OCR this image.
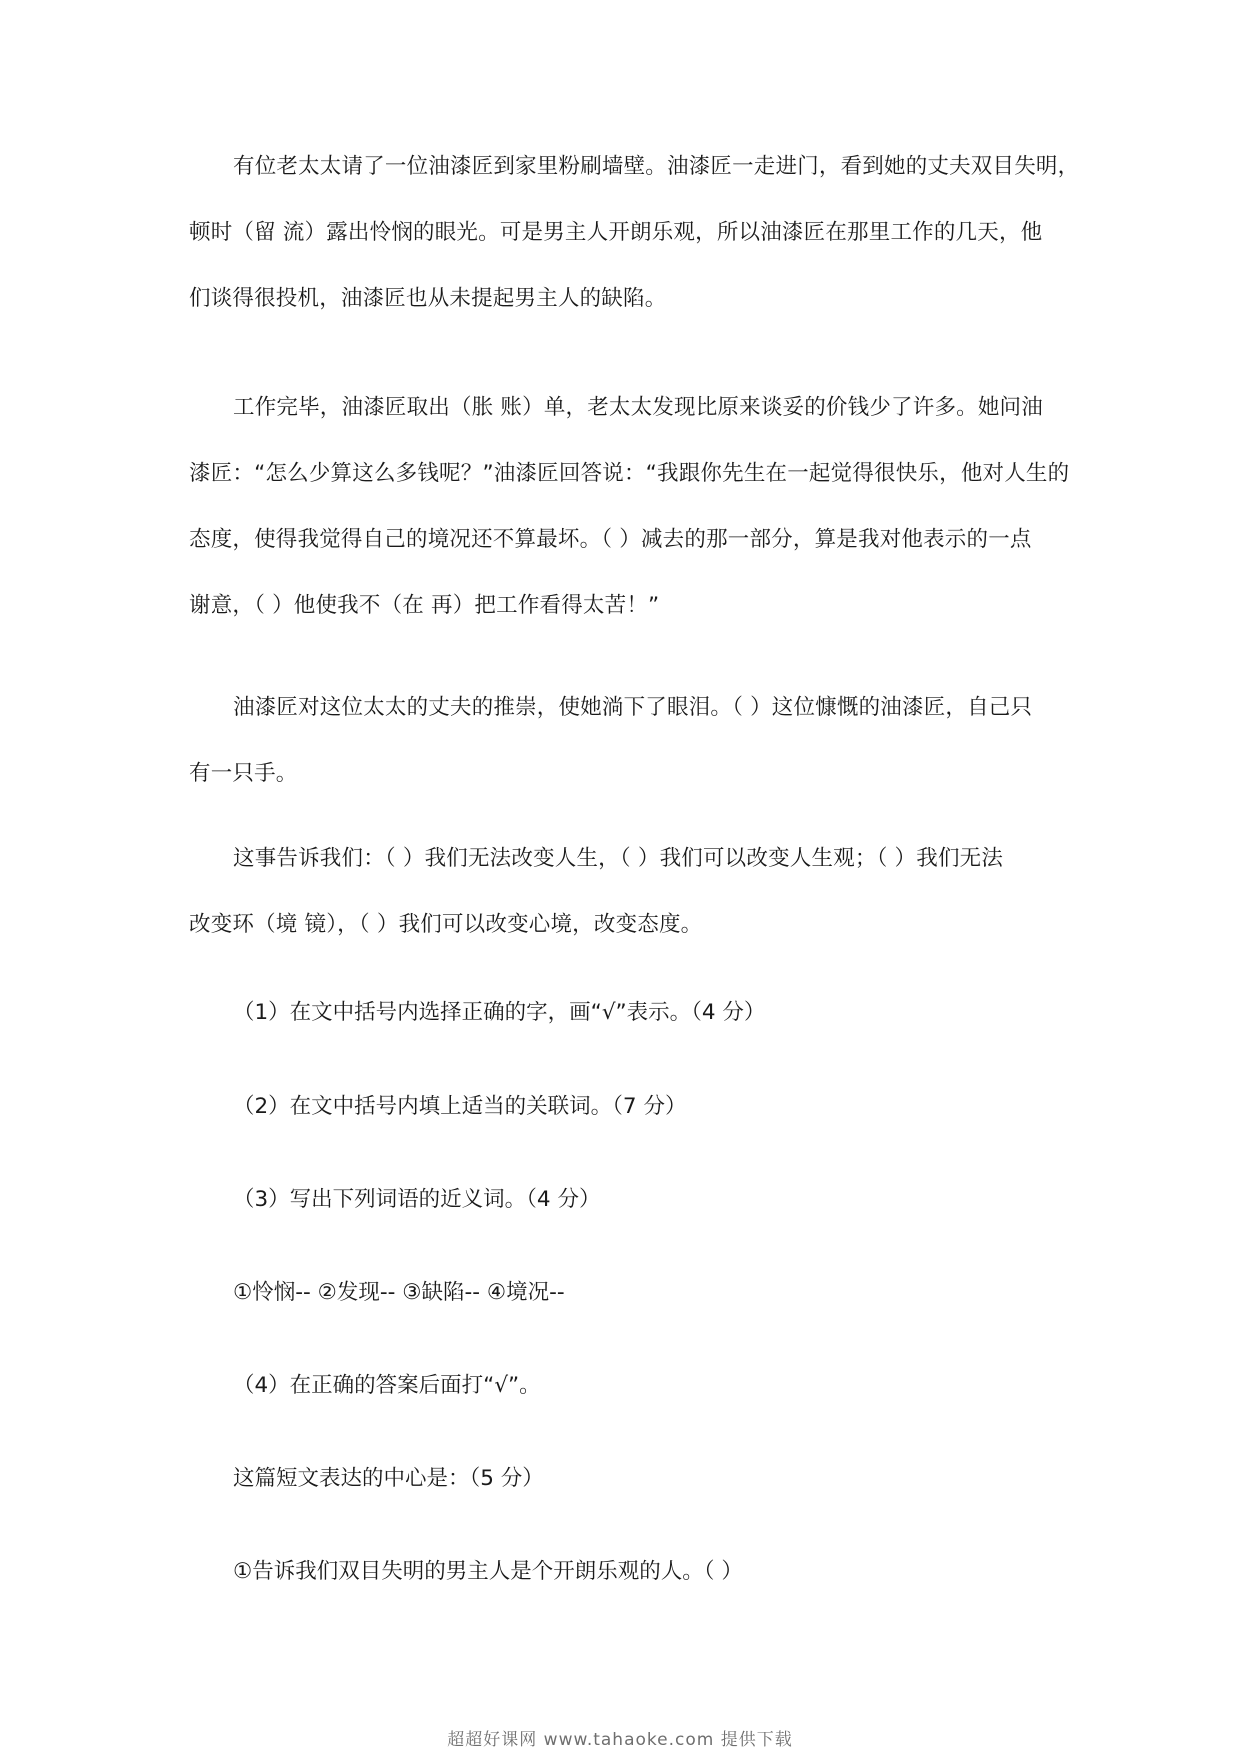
有位老太太请了一位油漆匠到家里粉刷墙壁。油漆匠一走进门，看到她的丈夫双目失明，
顿时（留 流）露出怜悯的眼光。可是男主人开朗乐观，所以油漆匠在那里工作的几天，他
们谈得很投机，油漆匠也从未提起男主人的缺陷。
工作完毕，油漆匠取出（胀 账）单，老太太发现比原来谈妥的价钱少了许多。她问油
漆匠：“怎么少算这么多钱呢？”油漆匠回答说：“我跟你先生在一起觉得很快乐，他对人生的
态度，使得我觉得自己的境况还不算最坏。（ ）减去的那一部分，算是我对他表示的一点
谢意，（ ）他使我不（在 再）把工作看得太苦！”
油漆匠对这位太太的丈夫的推崇，使她淌下了眼泪。（ ）这位慷慨的油漆匠，自己只
有一只手。
这事告诉我们：（ ）我们无法改变人生，（ ）我们可以改变人生观；（ ）我们无法
改变环（境 镜），（ ）我们可以改变心境，改变态度。

（1）在文中括号内选择正确的字，画“√”表示。（4 分）

（2）在文中括号内填上适当的关联词。（7 分）

（3）写出下列词语的近义词。（4 分）

①怜悯-- ②发现-- ③缺陷-- ④境况--

（4）在正确的答案后面打“√”。

这篇短文表达的中心是：（5 分）

①告诉我们双目失明的男主人是个开朗乐观的人。（ ）

超超好课网 www.tahaoke.com 提供下载
